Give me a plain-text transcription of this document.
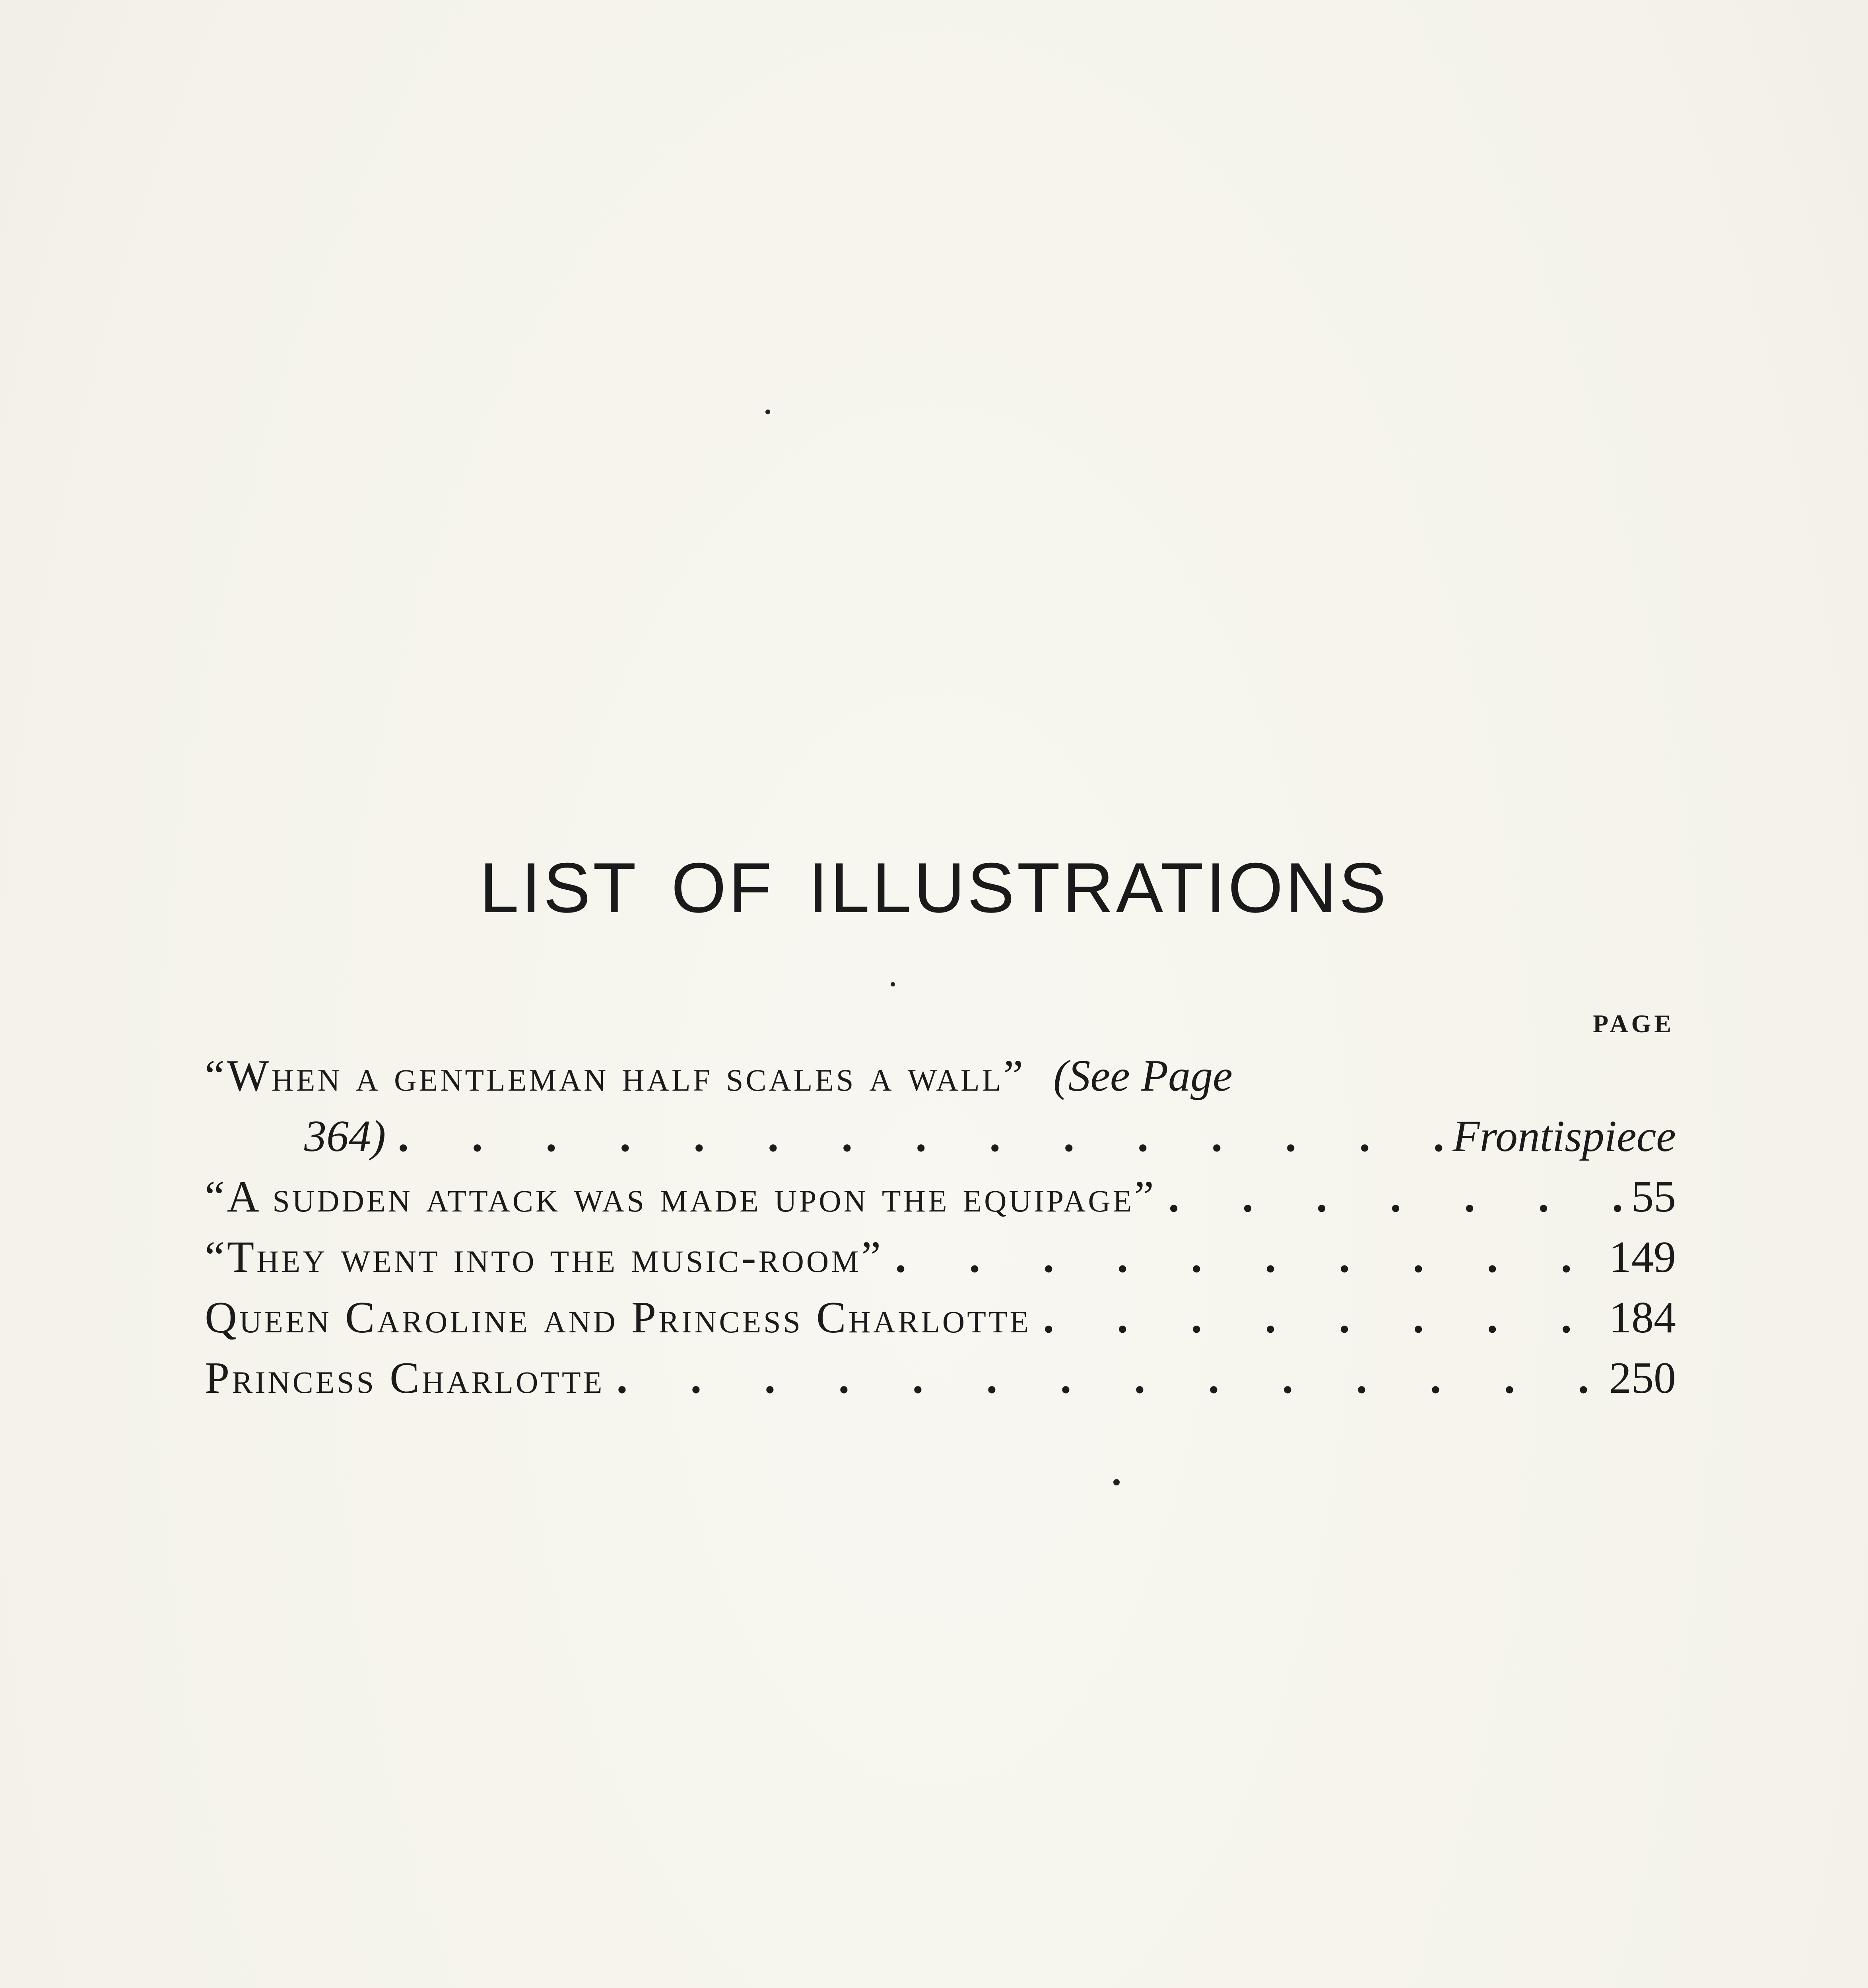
LIST OF ILLUSTRATIONS
PAGE
“When a gentleman half scales a wall” (See Page
364) . . .	Frontispiece
“A sudden attack was made upon the equipage” . . .	55
“They went into the music-room” . . .	149
Queen Caroline and Princess Charlotte . . .	184
Princess Charlotte . . .	250
